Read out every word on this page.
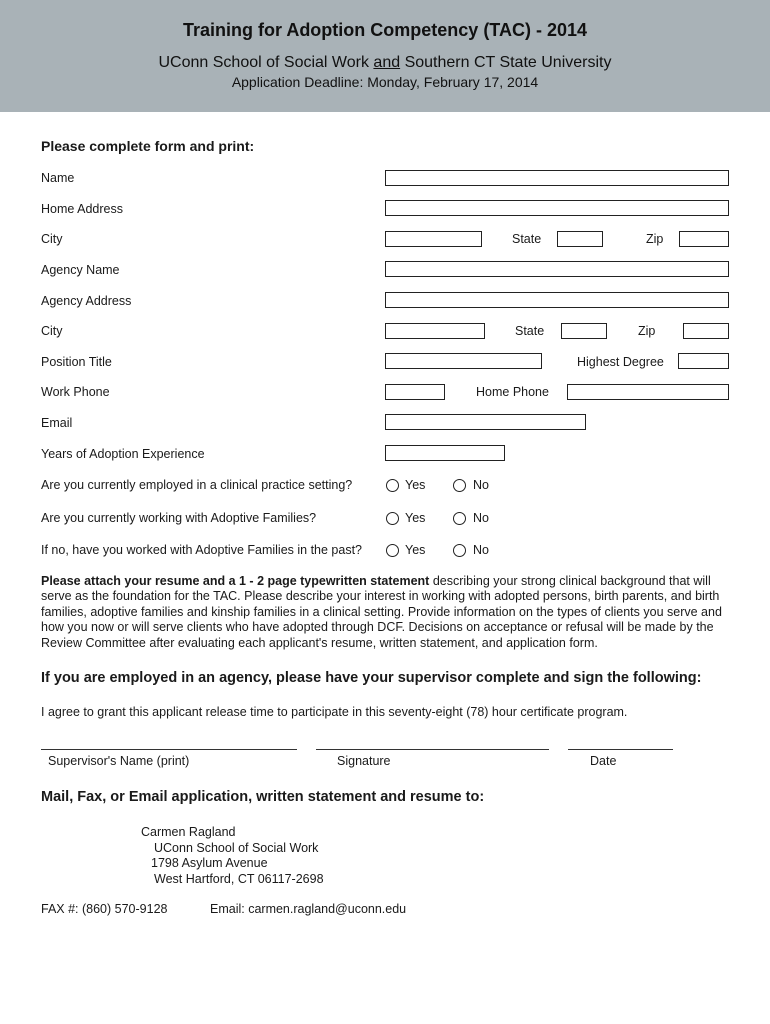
Training for Adoption Competency (TAC) - 2014
UConn School of Social Work and Southern CT State University
Application Deadline: Monday, February 17, 2014
Please complete form and print:
Name
Home Address
City	State	Zip
Agency Name
Agency Address
City	State	Zip
Position Title	Highest Degree
Work Phone	Home Phone
Email
Years of Adoption Experience
Are you currently employed in a clinical practice setting?	Yes	No
Are you currently working with Adoptive Families?	Yes	No
If no, have you worked with Adoptive Families in the past?	Yes	No
Please attach your resume and a 1 - 2 page typewritten statement describing your strong clinical background that will serve as the foundation for the TAC. Please describe your interest in working with adopted persons, birth parents, and birth families, adoptive families and kinship families in a clinical setting. Provide information on the types of clients you serve and how you now or will serve clients who have adopted through DCF. Decisions on acceptance or refusal will be made by the Review Committee after evaluating each applicant's resume, written statement, and application form.
If you are employed in an agency, please have your supervisor complete and sign the following:
I agree to grant this applicant release time to participate in this seventy-eight (78) hour certificate program.
Supervisor's Name (print)	Signature	Date
Mail, Fax, or Email application, written statement and resume to:
Carmen Ragland
UConn School of Social Work
1798 Asylum Avenue
West Hartford, CT 06117-2698
FAX #: (860) 570-9128	Email: carmen.ragland@uconn.edu
